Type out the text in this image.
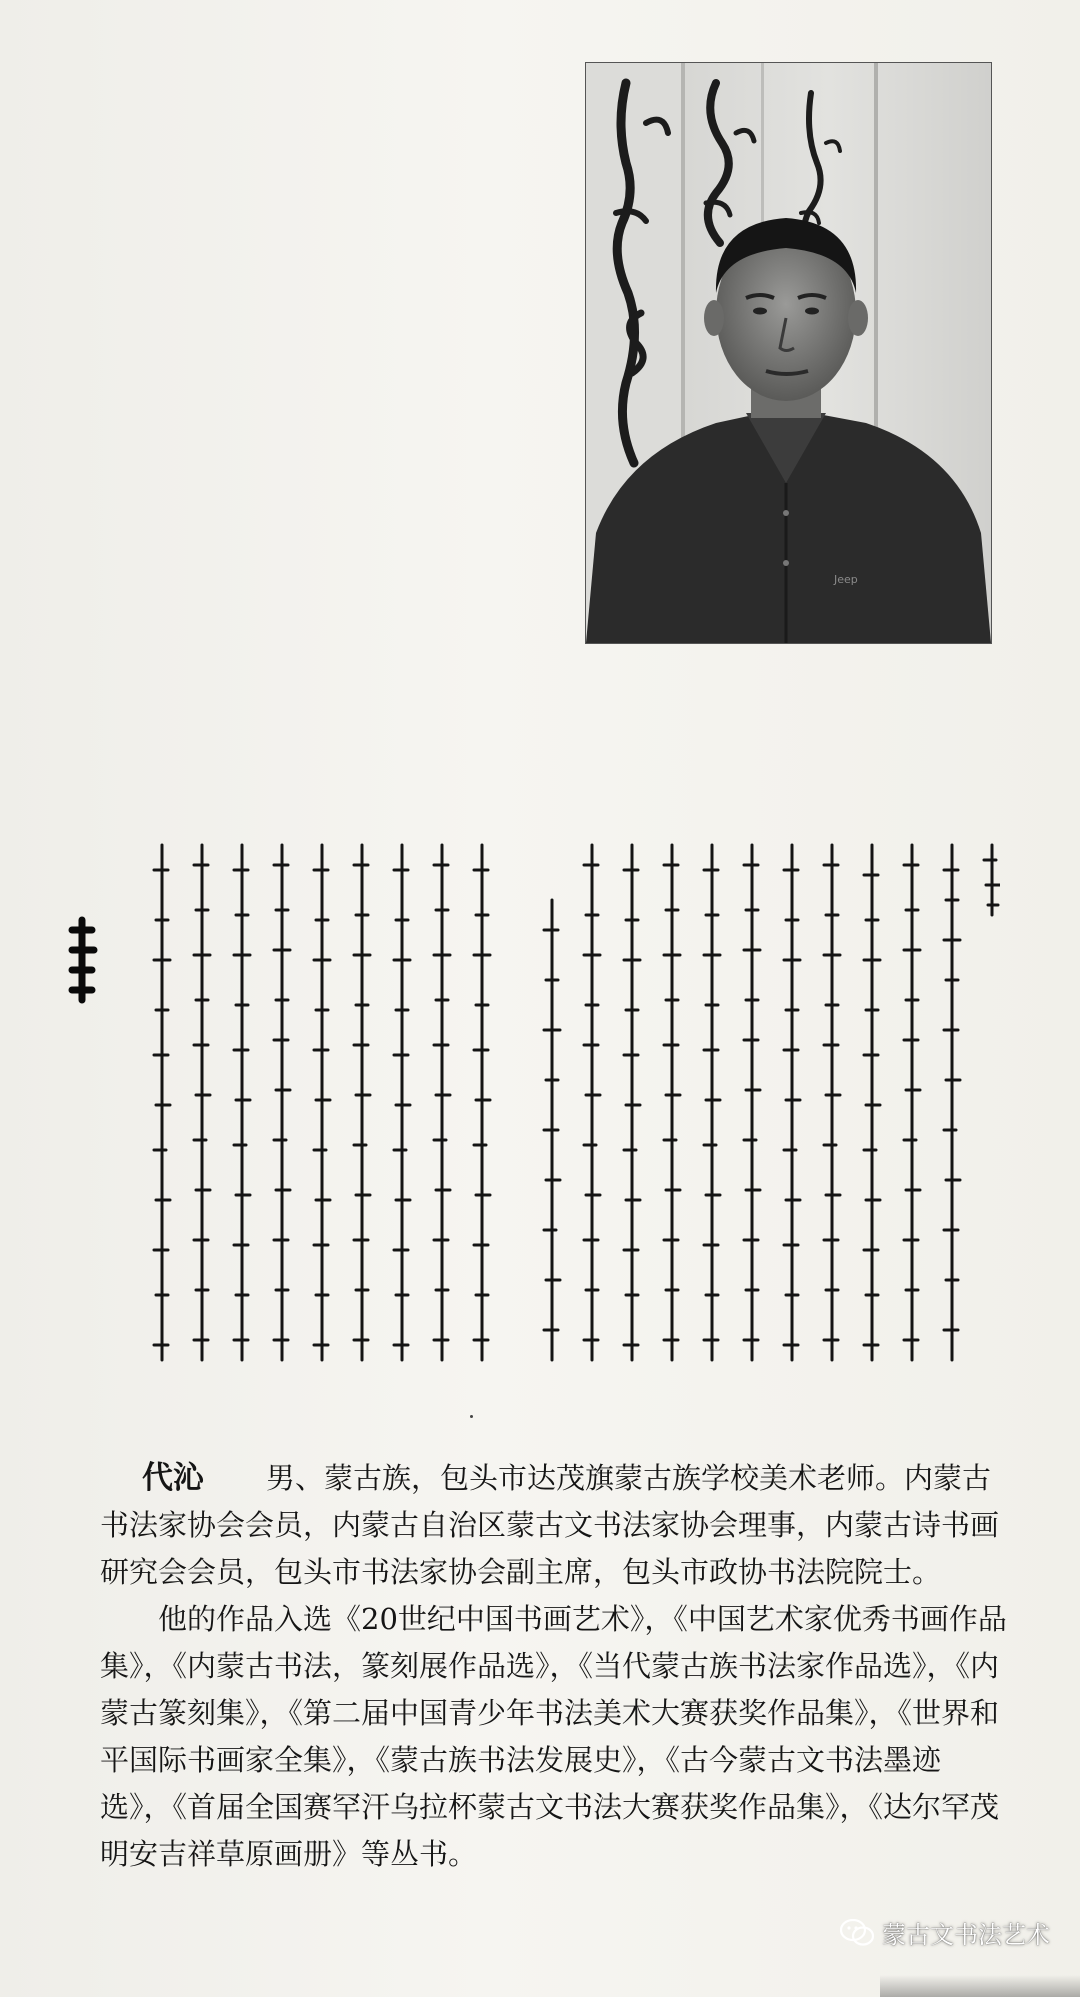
Jeep

代沁 男、蒙古族，包头市达茂旗蒙古族学校美术老师。内蒙古书法家协会会员，内蒙古自治区蒙古文书法家协会理事，内蒙古诗书画研究会会员，包头市书法家协会副主席，包头市政协书法院院士。

他的作品入选《20世纪中国书画艺术》，《中国艺术家优秀书画作品集》，《内蒙古书法，篆刻展作品选》，《当代蒙古族书法家作品选》，《内蒙古篆刻集》，《第二届中国青少年书法美术大赛获奖作品集》，《世界和平国际书画家全集》，《蒙古族书法发展史》，《古今蒙古文书法墨迹选》，《首届全国赛罕汗乌拉杯蒙古文书法大赛获奖作品集》，《达尔罕茂明安吉祥草原画册》等丛书。

蒙古文书法艺术
